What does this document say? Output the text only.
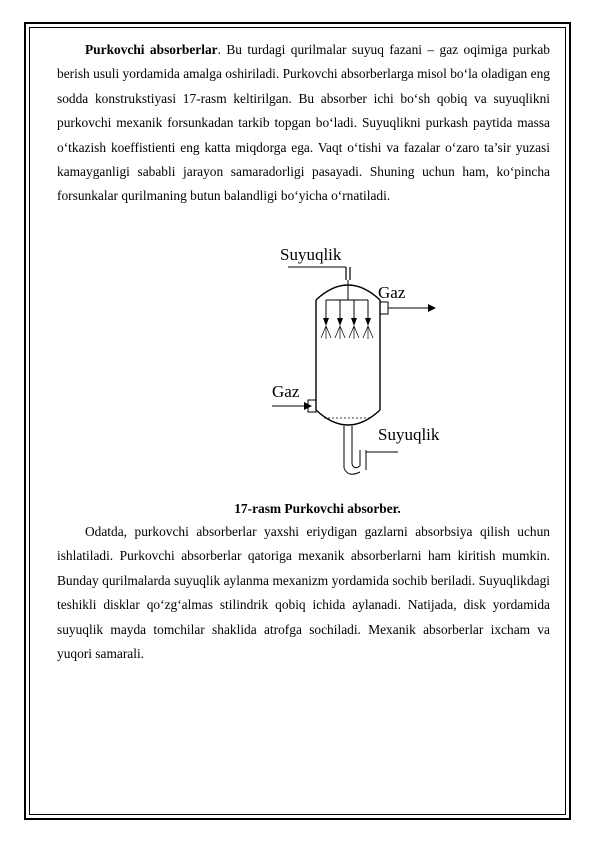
Purkovchi absorberlar. Bu turdagi qurilmalar suyuq fazani – gaz oqimiga purkab berish usuli yordamida amalga oshiriladi. Purkovchi absorberlarga misol bo‘la oladigan eng sodda konstrukstiyasi 17-rasm keltirilgan. Bu absorber ichi bo‘sh qobiq va suyuqlikni purkovchi mexanik forsunkadan tarkib topgan bo‘ladi. Suyuqlikni purkash paytida massa o‘tkazish koeffistienti eng katta miqdorga ega. Vaqt o‘tishi va fazalar o‘zaro ta’sir yuzasi kamayganligi sababli jarayon samaradorligi pasayadi. Shuning uchun ham, ko‘pincha forsunkalar qurilmaning butun balandligi bo‘yicha o‘rnatiladi.

Suyuqlik
Gaz
Gaz
Suyuqlik

17-rasm Purkovchi absorber.

Odatda, purkovchi absorberlar yaxshi eriydigan gazlarni absorbsiya qilish uchun ishlatiladi. Purkovchi absorberlar qatoriga mexanik absorberlarni ham kiritish mumkin. Bunday qurilmalarda suyuqlik aylanma mexanizm yordamida sochib beriladi. Suyuqlikdagi teshikli disklar qo‘zg‘almas stilindrik qobiq ichida aylanadi. Natijada, disk yordamida suyuqlik mayda tomchilar shaklida atrofga sochiladi. Mexanik absorberlar ixcham va yuqori samarali.
